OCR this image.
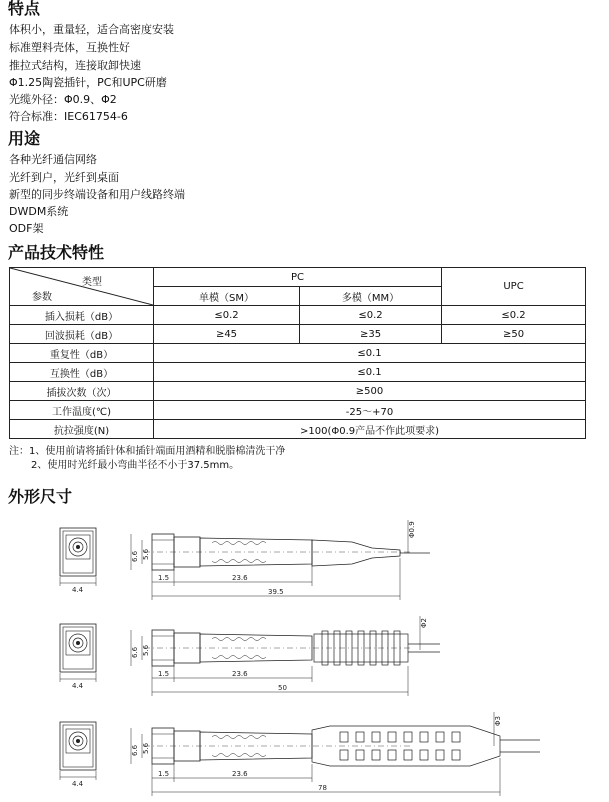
特点
体积小，重量轻，适合高密度安装
标准塑料壳体，互换性好
推拉式结构，连接取卸快速
Φ1.25陶瓷插针，PC和UPC研磨
光缆外径：Φ0.9、Φ2
符合标准：IEC61754-6
用途
各种光纤通信网络
光纤到户，光纤到桌面
新型的同步终端设备和用户线路终端
DWDM系统
ODF架
产品技术特性
类型
参数	PC		UPC
	单模（SM）	多模（MM）	
插入损耗（dB）	≤0.2	≤0.2	≤0.2
回波损耗（dB）	≥45	≥35	≥50
重复性（dB）	≤0.1		
互换性（dB）	≤0.1		
插拔次数（次）	≥500		
工作温度(℃)	-25～+70		
抗拉强度(N)	>100(Φ0.9产品不作此项要求)		
注：1、使用前请将插针体和插针端面用酒精和脱脂棉清洗干净
2、使用时光纤最小弯曲半径不小于37.5mm。
外形尺寸
4.4
6.6 5.6
1.5	23.6
39.5
Φ0.9
4.4
6.6 5.6
1.5	23.6
50
Φ2
4.4
6.6 5.6
1.5	23.6
78
Φ3
